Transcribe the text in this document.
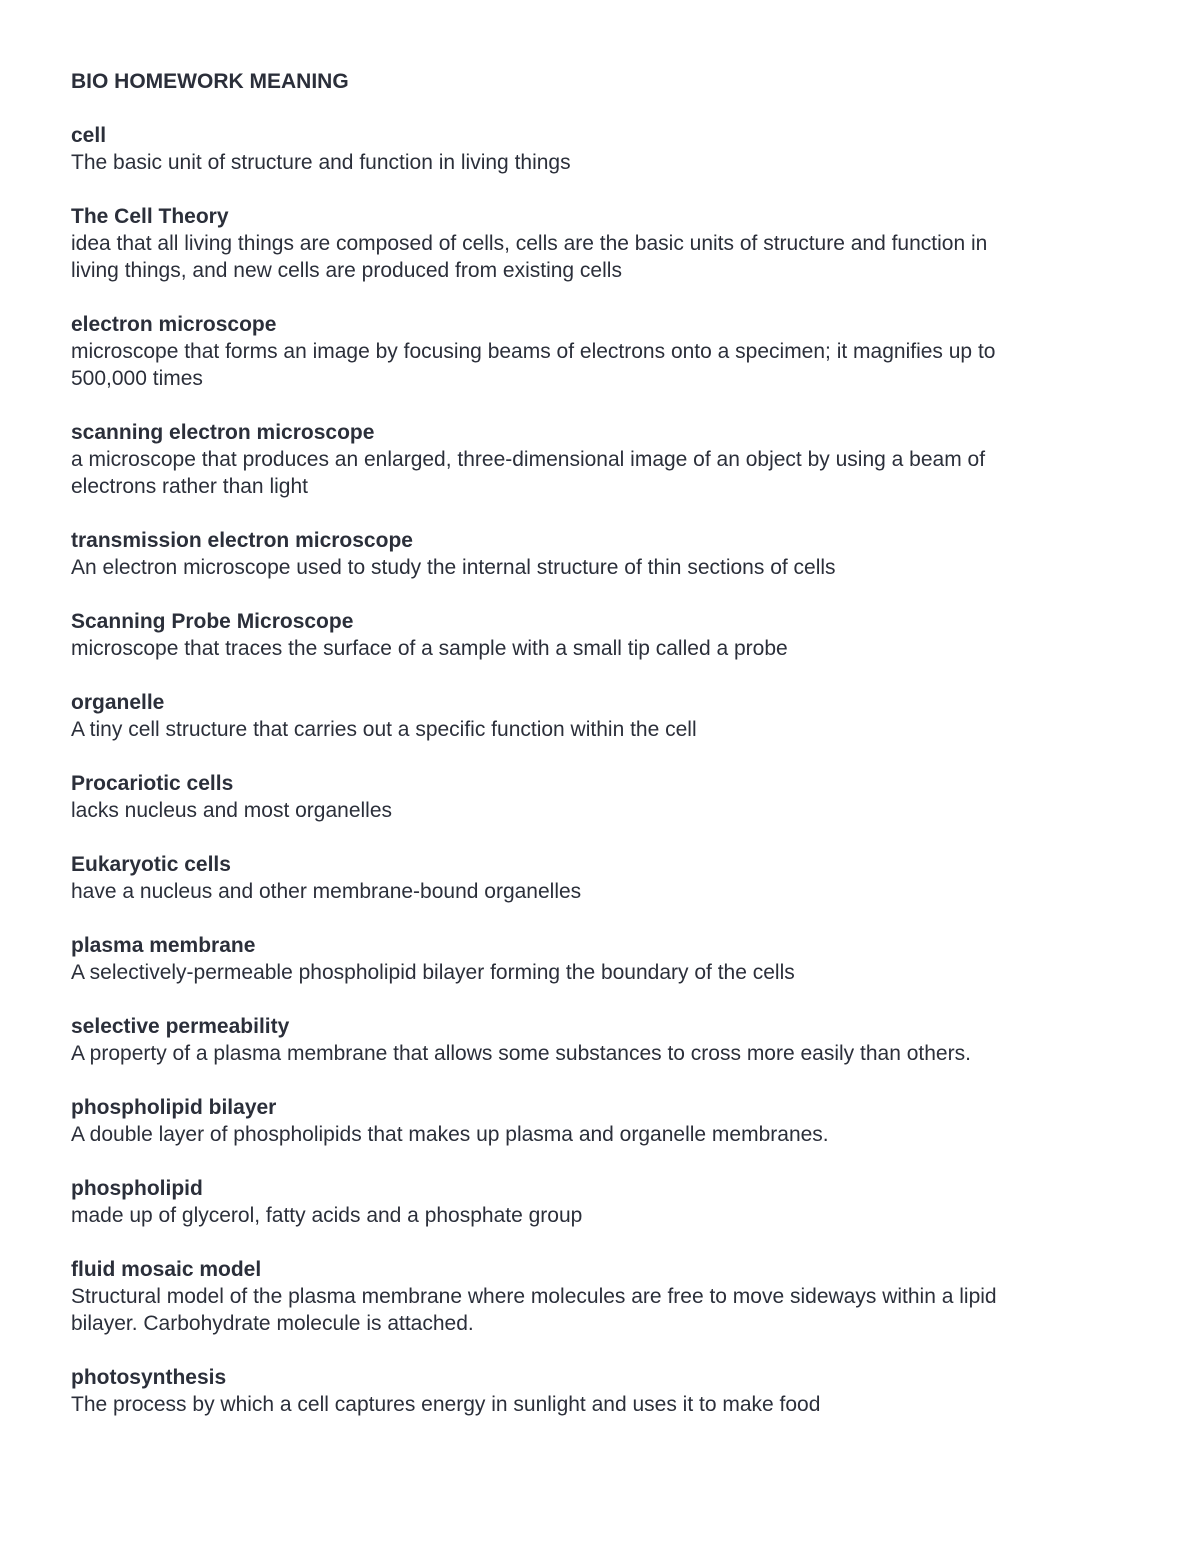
BIO HOMEWORK MEANING
cell
The basic unit of structure and function in living things
The Cell Theory
idea that all living things are composed of cells, cells are the basic units of structure and function in
living things, and new cells are produced from existing cells
electron microscope
microscope that forms an image by focusing beams of electrons onto a specimen; it magnifies up to
500,000 times
scanning electron microscope
a microscope that produces an enlarged, three-dimensional image of an object by using a beam of
electrons rather than light
transmission electron microscope
An electron microscope used to study the internal structure of thin sections of cells
Scanning Probe Microscope
microscope that traces the surface of a sample with a small tip called a probe
organelle
A tiny cell structure that carries out a specific function within the cell
Procariotic cells
lacks nucleus and most organelles
Eukaryotic cells
have a nucleus and other membrane-bound organelles
plasma membrane
A selectively-permeable phospholipid bilayer forming the boundary of the cells
selective permeability
A property of a plasma membrane that allows some substances to cross more easily than others.
phospholipid bilayer
A double layer of phospholipids that makes up plasma and organelle membranes.
phospholipid
made up of glycerol, fatty acids and a phosphate group
fluid mosaic model
Structural model of the plasma membrane where molecules are free to move sideways within a lipid
bilayer. Carbohydrate molecule is attached.
photosynthesis
The process by which a cell captures energy in sunlight and uses it to make food
